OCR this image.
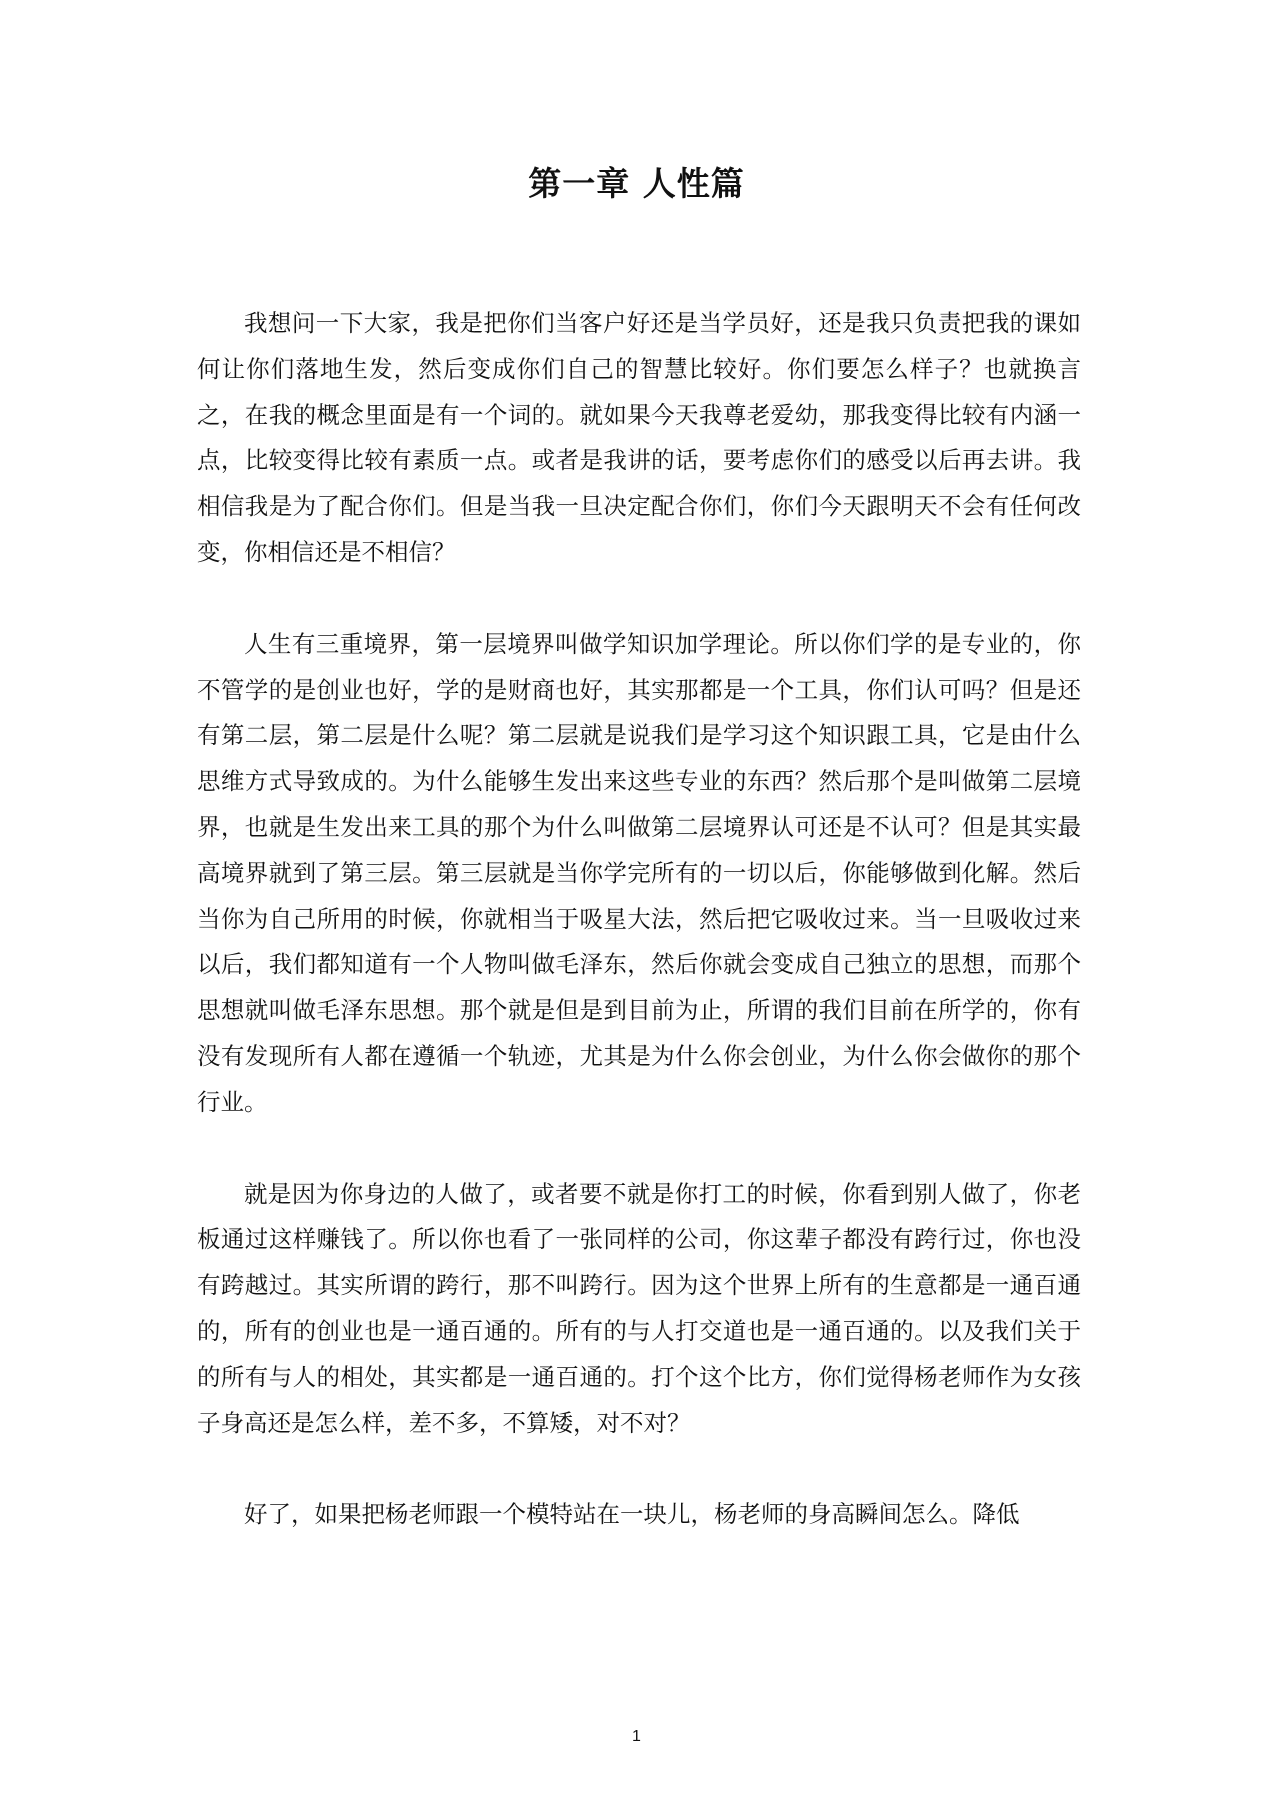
第一章 人性篇

我想问一下大家，我是把你们当客户好还是当学员好，还是我只负责把我的课如何让你们落地生发，然后变成你们自己的智慧比较好。你们要怎么样子？也就换言之，在我的概念里面是有一个词的。就如果今天我尊老爱幼，那我变得比较有内涵一点，比较变得比较有素质一点。或者是我讲的话，要考虑你们的感受以后再去讲。我相信我是为了配合你们。但是当我一旦决定配合你们，你们今天跟明天不会有任何改变，你相信还是不相信？

人生有三重境界，第一层境界叫做学知识加学理论。所以你们学的是专业的，你不管学的是创业也好，学的是财商也好，其实那都是一个工具，你们认可吗？但是还有第二层，第二层是什么呢？第二层就是说我们是学习这个知识跟工具，它是由什么思维方式导致成的。为什么能够生发出来这些专业的东西？然后那个是叫做第二层境界，也就是生发出来工具的那个为什么叫做第二层境界认可还是不认可？但是其实最高境界就到了第三层。第三层就是当你学完所有的一切以后，你能够做到化解。然后当你为自己所用的时候，你就相当于吸星大法，然后把它吸收过来。当一旦吸收过来以后，我们都知道有一个人物叫做毛泽东，然后你就会变成自己独立的思想，而那个思想就叫做毛泽东思想。那个就是但是到目前为止，所谓的我们目前在所学的，你有没有发现所有人都在遵循一个轨迹，尤其是为什么你会创业，为什么你会做你的那个行业。

就是因为你身边的人做了，或者要不就是你打工的时候，你看到别人做了，你老板通过这样赚钱了。所以你也看了一张同样的公司，你这辈子都没有跨行过，你也没有跨越过。其实所谓的跨行，那不叫跨行。因为这个世界上所有的生意都是一通百通的，所有的创业也是一通百通的。所有的与人打交道也是一通百通的。以及我们关于的所有与人的相处，其实都是一通百通的。打个这个比方，你们觉得杨老师作为女孩子身高还是怎么样，差不多，不算矮，对不对？

好了，如果把杨老师跟一个模特站在一块儿，杨老师的身高瞬间怎么。降低

1
